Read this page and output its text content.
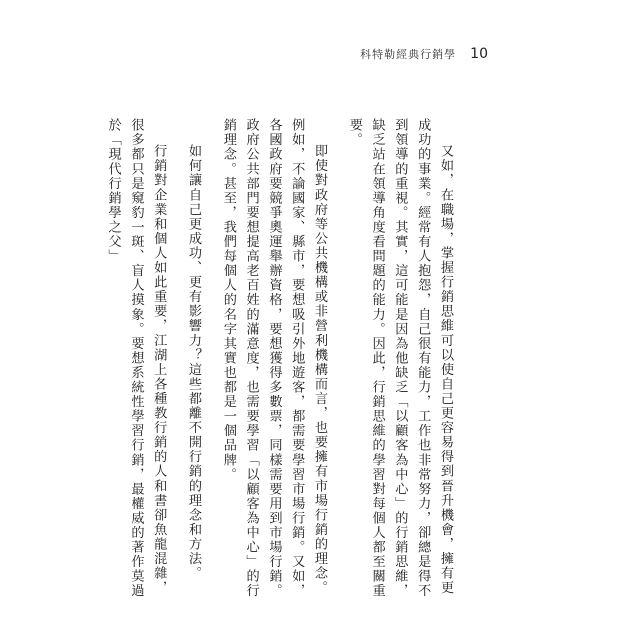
科特勒經典行銷學 10

又如，在職場，掌握行銷思維可以使自己更容易得到晉升機會，擁有更成功的事業。經常有人抱怨，自己很有能力，工作也非常努力，卻總是得不到領導的重視。其實，這可能是因為他缺乏「以顧客為中心」的行銷思維，缺乏站在領導角度看問題的能力。因此，行銷思維的學習對每個人都至關重要。

即使對政府等公共機構或非營利機構而言，也要擁有市場行銷的理念。例如，不論國家、縣市，要想吸引外地遊客，都需要學習市場行銷。又如，各國政府要競爭奧運舉辦資格，要想獲得多數票，同樣需要用到市場行銷。政府公共部門要想提高老百姓的滿意度，也需要學習「以顧客為中心」的行銷理念。甚至，我們每個人的名字其實也都是一個品牌。

如何讓自己更成功、更有影響力？這些都離不開行銷的理念和方法。

行銷對企業和個人如此重要，江湖上各種教行銷的人和書卻魚龍混雜，很多都只是窺豹一斑、盲人摸象。要想系統性學習行銷，最權威的著作莫過於「現代行銷學之父」
